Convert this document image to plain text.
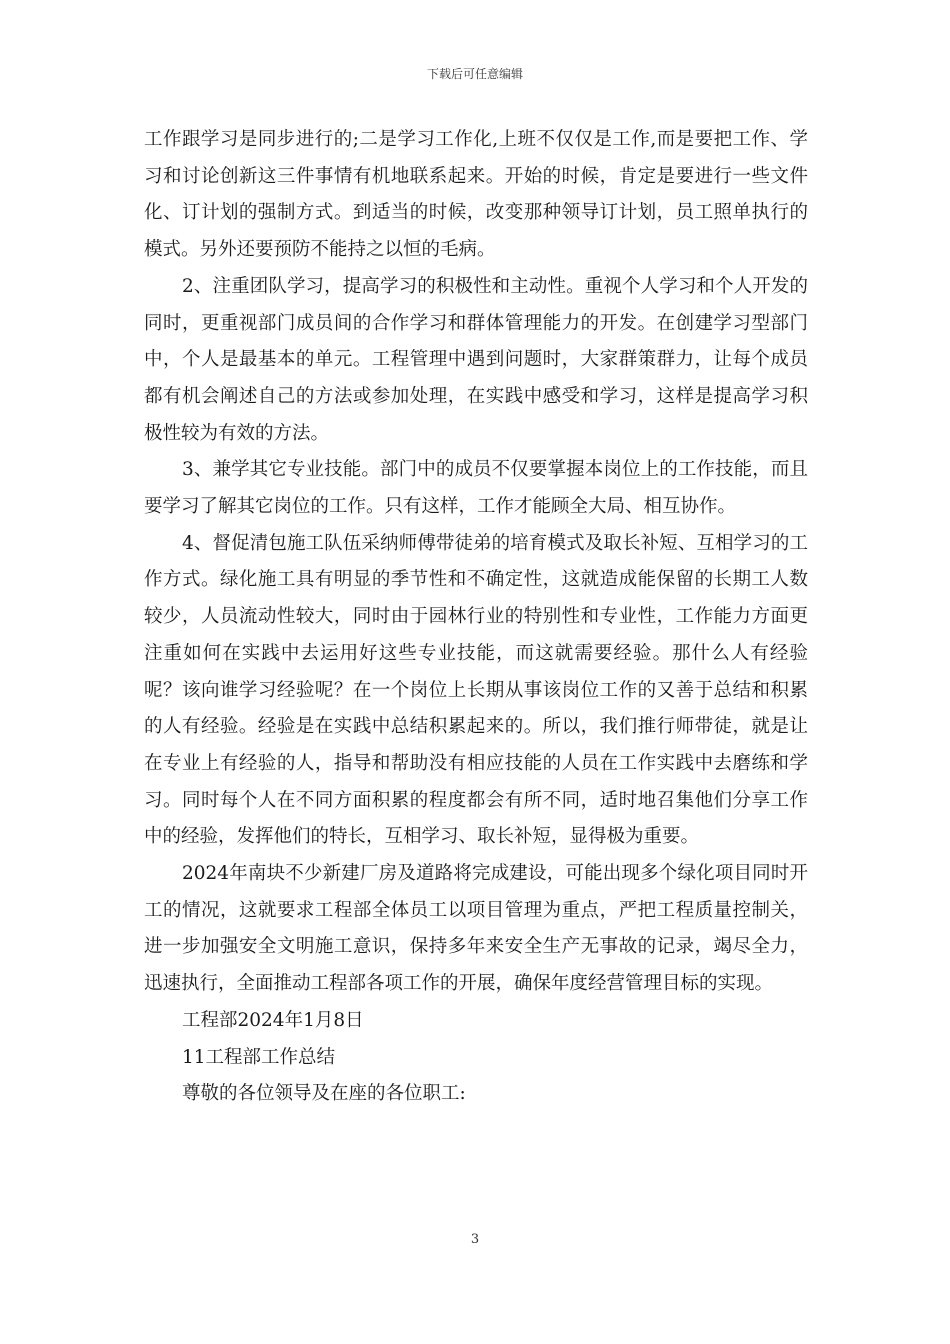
下载后可任意编辑

工作跟学习是同步进行的;二是学习工作化,上班不仅仅是工作,而是要把工作、学习和讨论创新这三件事情有机地联系起来。开始的时候，肯定是要进行一些文件化、订计划的强制方式。到适当的时候，改变那种领导订计划，员工照单执行的模式。另外还要预防不能持之以恒的毛病。

2、注重团队学习，提高学习的积极性和主动性。重视个人学习和个人开发的同时，更重视部门成员间的合作学习和群体管理能力的开发。在创建学习型部门中，个人是最基本的单元。工程管理中遇到问题时，大家群策群力，让每个成员都有机会阐述自己的方法或参加处理，在实践中感受和学习，这样是提高学习积极性较为有效的方法。

3、兼学其它专业技能。部门中的成员不仅要掌握本岗位上的工作技能，而且要学习了解其它岗位的工作。只有这样，工作才能顾全大局、相互协作。

4、督促清包施工队伍采纳师傅带徒弟的培育模式及取长补短、互相学习的工作方式。绿化施工具有明显的季节性和不确定性，这就造成能保留的长期工人数较少，人员流动性较大，同时由于园林行业的特别性和专业性，工作能力方面更注重如何在实践中去运用好这些专业技能，而这就需要经验。那什么人有经验呢？该向谁学习经验呢？在一个岗位上长期从事该岗位工作的又善于总结和积累的人有经验。经验是在实践中总结积累起来的。所以，我们推行师带徒，就是让在专业上有经验的人，指导和帮助没有相应技能的人员在工作实践中去磨练和学习。同时每个人在不同方面积累的程度都会有所不同，适时地召集他们分享工作中的经验，发挥他们的特长，互相学习、取长补短，显得极为重要。

2024年南块不少新建厂房及道路将完成建设，可能出现多个绿化项目同时开工的情况，这就要求工程部全体员工以项目管理为重点，严把工程质量控制关，进一步加强安全文明施工意识，保持多年来安全生产无事故的记录，竭尽全力，迅速执行，全面推动工程部各项工作的开展，确保年度经营管理目标的实现。

工程部2024年1月8日

11工程部工作总结

尊敬的各位领导及在座的各位职工:

3
